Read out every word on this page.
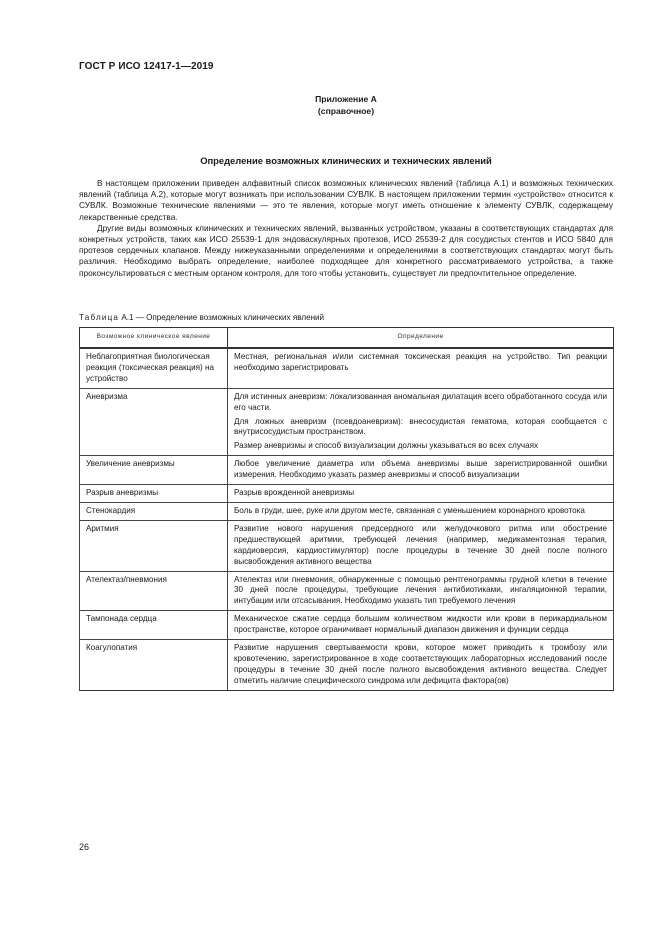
ГОСТ Р ИСО 12417-1—2019
Приложение А
(справочное)
Определение возможных клинических и технических явлений

В настоящем приложении приведен алфавитный список возможных клинических явлений (таблица А.1) и возможных технических явлений (таблица А.2), которые могут возникать при использовании СУВЛК. В настоящем приложении термин «устройство» относится к СУВЛК. Возможные технические явлениями — это те явления, которые могут иметь отношение к элементу СУВЛК, содержащему лекарственные средства.

Другие виды возможных клинических и технических явлений, вызванных устройством, указаны в соответствующих стандартах для конкретных устройств, таких как ИСО 25539-1 для эндоваскулярных протезов, ИСО 25539-2 для сосудистых стентов и ИСО 5840 для протезов сердечных клапанов. Между нижеуказанными определениями и определениями в соответствующих стандартах могут быть различия. Необходимо выбрать определение, наиболее подходящее для конкретного рассматриваемого устройства, а также проконсультироваться с местным органом контроля, для того чтобы установить, существует ли предпочтительное определение.

Таблица А.1 — Определение возможных клинических явлений
Возможное клиническое явление	Определение
Неблагоприятная биологическая реакция (токсическая реакция) на устройство	Местная, региональная и/или системная токсическая реакция на устройство. Тип реакции необходимо зарегистрировать

Аневризма	Для истинных аневризм: локализованная аномальная дилатация всего обработанного сосуда или его части.

Для ложных аневризм (псевдоаневризм): внесосудистая гематома, которая сообщается с внутрисосудистым пространством.

Размер аневризмы и способ визуализации должны указываться во всех случаях

Увеличение аневризмы	Любое увеличение диаметра или объема аневризмы выше зарегистрированной ошибки измерения. Необходимо указать размер аневризмы и способ визуализации

Разрыв аневризмы	Разрыв врожденной аневризмы

Стенокардия	Боль в груди, шее, руке или другом месте, связанная с уменьшением коронарного кровотока

Аритмия	Развитие нового нарушения предсердного или желудочкового ритма или обострение предшествующей аритмии, требующей лечения (например, медикаментозная терапия, кардиоверсия, кардиостимулятор) после процедуры в течение 30 дней после полного высвобождения активного вещества

Ателектаз/пневмония	Ателектаз или пневмония, обнаруженные с помощью рентгенограммы грудной клетки в течение 30 дней после процедуры, требующие лечения антибиотиками, ингаляционной терапии, интубации или отсасывания. Необходимо указать тип требуемого лечения

Тампонада сердца	Механическое сжатие сердца большим количеством жидкости или крови в перикардиальном пространстве, которое ограничивает нормальный диапазон движения и функции сердца

Коагулопатия	Развитие нарушения свертываемости крови, которое может приводить к тромбозу или кровотечению, зарегистрированное в ходе соответствующих лабораторных исследований после процедуры в течение 30 дней после полного высвобождения активного вещества. Следует отметить наличие специфического синдрома или дефицита фактора(ов)

26
